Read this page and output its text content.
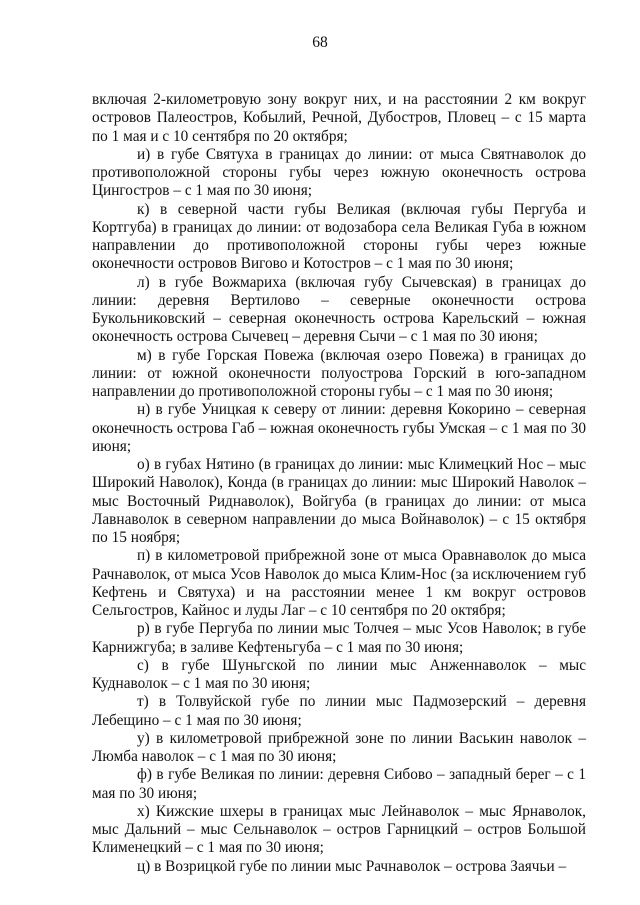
68

включая 2-километровую зону вокруг них, и на расстоянии 2 км вокруг островов Палеостров, Кобылий, Речной, Дубостров, Пловец – с 15 марта по 1 мая и с 10 сентября по 20 октября;

и) в губе Святуха в границах до линии: от мыса Святнаволок до противоположной стороны губы через южную оконечность острова Цингостров – с 1 мая по 30 июня;

к) в северной части губы Великая (включая губы Пергуба и Кортгуба) в границах до линии: от водозабора села Великая Губа в южном направлении до противоположной стороны губы через южные оконечности островов Вигово и Котостров – с 1 мая по 30 июня;

л) в губе Вожмариха (включая губу Сычевская) в границах до линии: деревня Вертилово – северные оконечности острова Букольниковский – северная оконечность острова Карельский – южная оконечность острова Сычевец – деревня Сычи – с 1 мая по 30 июня;

м) в губе Горская Повежа (включая озеро Повежа) в границах до линии: от южной оконечности полуострова Горский в юго-западном направлении до противоположной стороны губы – с 1 мая по 30 июня;

н) в губе Уницкая к северу от линии: деревня Кокорино – северная оконечность острова Габ – южная оконечность губы Умская – с 1 мая по 30 июня;

о) в губах Нятино (в границах до линии: мыс Климецкий Нос – мыс Широкий Наволок), Конда (в границах до линии: мыс Широкий Наволок – мыс Восточный Риднаволок), Войгуба (в границах до линии: от мыса Лавнаволок в северном направлении до мыса Войнаволок) – с 15 октября по 15 ноября;

п) в километровой прибрежной зоне от мыса Оравнаволок до мыса Рачнаволок, от мыса Усов Наволок до мыса Клим-Нос (за исключением губ Кефтень и Святуха) и на расстоянии менее 1 км вокруг островов Сельгостров, Кайнос и луды Лаг – с 10 сентября по 20 октября;

р) в губе Пергуба по линии мыс Толчея – мыс Усов Наволок; в губе Карнижгуба; в заливе Кефтеньгуба – с 1 мая по 30 июня;

с) в губе Шуньгской по линии мыс Анженнаволок – мыс Куднаволок – с 1 мая по 30 июня;

т) в Толвуйской губе по линии мыс Падмозерский – деревня Лебещино – с 1 мая по 30 июня;

у) в километровой прибрежной зоне по линии Васькин наволок – Люмба наволок – с 1 мая по 30 июня;

ф) в губе Великая по линии: деревня Сибово – западный берег – с 1 мая по 30 июня;

х) Кижские шхеры в границах мыс Лейнаволок – мыс Ярнаволок, мыс Дальний – мыс Сельнаволок – остров Гарницкий – остров Большой Клименецкий – с 1 мая по 30 июня;

ц) в Возрицкой губе по линии мыс Рачнаволок – острова Заячьи –
